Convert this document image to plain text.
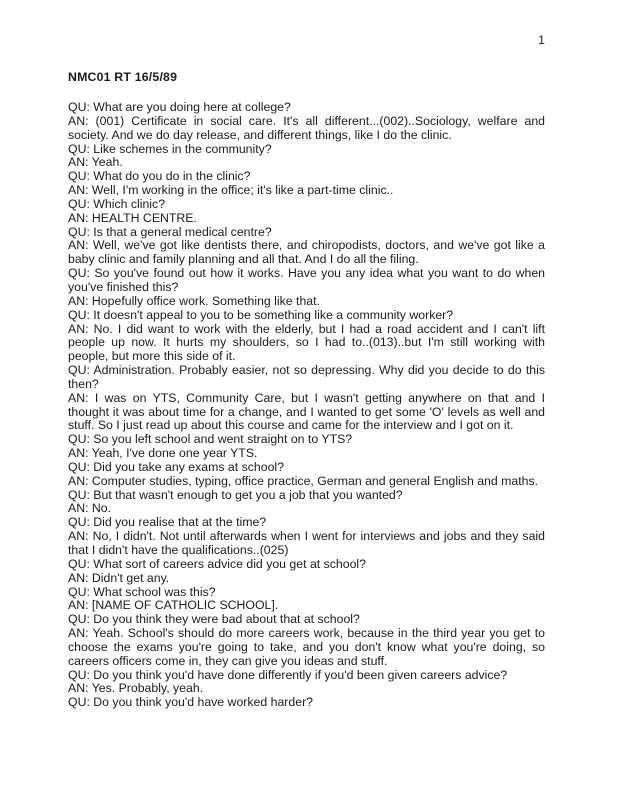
1
NMC01 RT 16/5/89

QU: What are you doing here at college?

AN: (001) Certificate in social care. It's all different...(002)..Sociology, welfare and society. And we do day release, and different things, like I do the clinic.

QU: Like schemes in the community?

AN: Yeah.

QU: What do you do in the clinic?

AN: Well, I'm working in the office; it's like a part-time clinic..

QU: Which clinic?

AN: HEALTH CENTRE.

QU: Is that a general medical centre?

AN: Well, we've got like dentists there, and chiropodists, doctors, and we've got like a baby clinic and family planning and all that. And I do all the filing.

QU: So you've found out how it works. Have you any idea what you want to do when you've finished this?

AN: Hopefully office work. Something like that.

QU: It doesn't appeal to you to be something like a community worker?

AN: No. I did want to work with the elderly, but I had a road accident and I can't lift people up now. It hurts my shoulders, so I had to..(013)..but I'm still working with people, but more this side of it.

QU: Administration. Probably easier, not so depressing. Why did you decide to do this then?

AN: I was on YTS, Community Care, but I wasn't getting anywhere on that and I thought it was about time for a change, and I wanted to get some 'O' levels as well and stuff. So I just read up about this course and came for the interview and I got on it.

QU: So you left school and went straight on to YTS?

AN: Yeah, I've done one year YTS.

QU: Did you take any exams at school?

AN: Computer studies, typing, office practice, German and general English and maths.

QU: But that wasn't enough to get you a job that you wanted?

AN: No.

QU: Did you realise that at the time?

AN: No, I didn't. Not until afterwards when I went for interviews and jobs and they said that I didn't have the qualifications..(025)

QU: What sort of careers advice did you get at school?

AN: Didn't get any.

QU: What school was this?

AN: [NAME OF CATHOLIC SCHOOL].

QU: Do you think they were bad about that at school?

AN: Yeah. School's should do more careers work, because in the third year you get to choose the exams you're going to take, and you don't know what you're doing, so careers officers come in, they can give you ideas and stuff.

QU: Do you think you'd have done differently if you'd been given careers advice?

AN: Yes. Probably, yeah.

QU: Do you think you'd have worked harder?
